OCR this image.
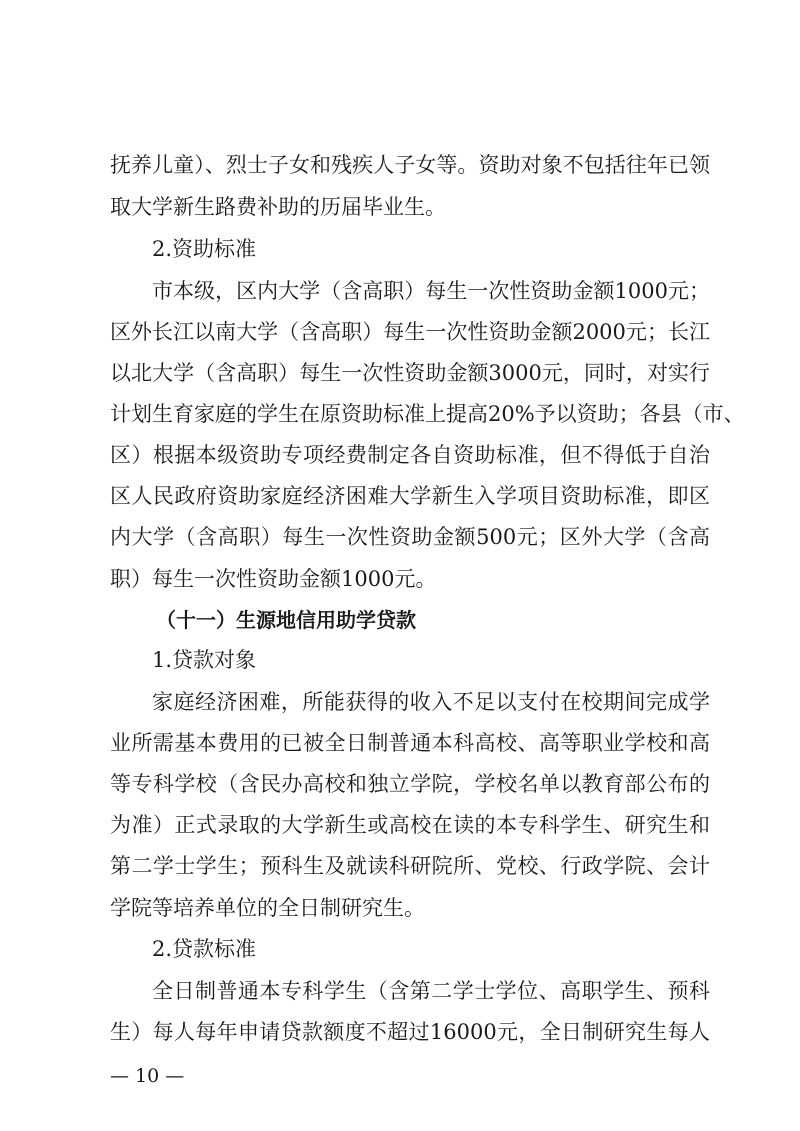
抚养儿童）、烈士子女和残疾人子女等。资助对象不包括往年已领
取大学新生路费补助的历届毕业生。
2.资助标准
市本级，区内大学（含高职）每生一次性资助金额1000元；
区外长江以南大学（含高职）每生一次性资助金额2000元；长江
以北大学（含高职）每生一次性资助金额3000元，同时，对实行
计划生育家庭的学生在原资助标准上提高20%予以资助；各县（市、
区）根据本级资助专项经费制定各自资助标准，但不得低于自治
区人民政府资助家庭经济困难大学新生入学项目资助标准，即区
内大学（含高职）每生一次性资助金额500元；区外大学（含高
职）每生一次性资助金额1000元。
（十一）生源地信用助学贷款
1.贷款对象
家庭经济困难，所能获得的收入不足以支付在校期间完成学
业所需基本费用的已被全日制普通本科高校、高等职业学校和高
等专科学校（含民办高校和独立学院，学校名单以教育部公布的
为准）正式录取的大学新生或高校在读的本专科学生、研究生和
第二学士学生；预科生及就读科研院所、党校、行政学院、会计
学院等培养单位的全日制研究生。
2.贷款标准
全日制普通本专科学生（含第二学士学位、高职学生、预科
生）每人每年申请贷款额度不超过16000元，全日制研究生每人
— 10 —
